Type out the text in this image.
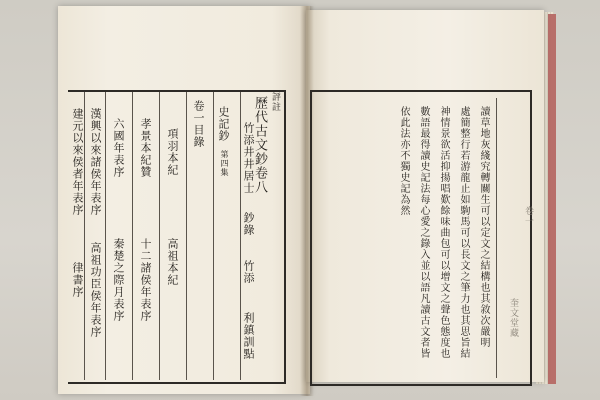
評註
歷代古文鈔卷八
竹添井井居士
鈔錄
竹添
利鎮訓點
史記鈔
第四集
卷一目錄
項羽本紀
高祖本紀
孝景本紀贊
十二諸侯年表序
六國年表序
秦楚之際月表序
漢興以來諸侯年表序
高祖功臣侯年表序
建元以來侯者年表序
律書序	讀草地灰綫究轉關生可以定文之結構也其敘次嚴明
處簡整行若游龍止如駒馬可以長文之筆力也其思旨結
神情景欲活抑揚唱歎餘味曲包可以增文之聲色態度也
數語最得讀史記法每心愛之錄入並以語凡讀古文者皆
依此法亦不獨史記為然	卷一
奎文堂藏
